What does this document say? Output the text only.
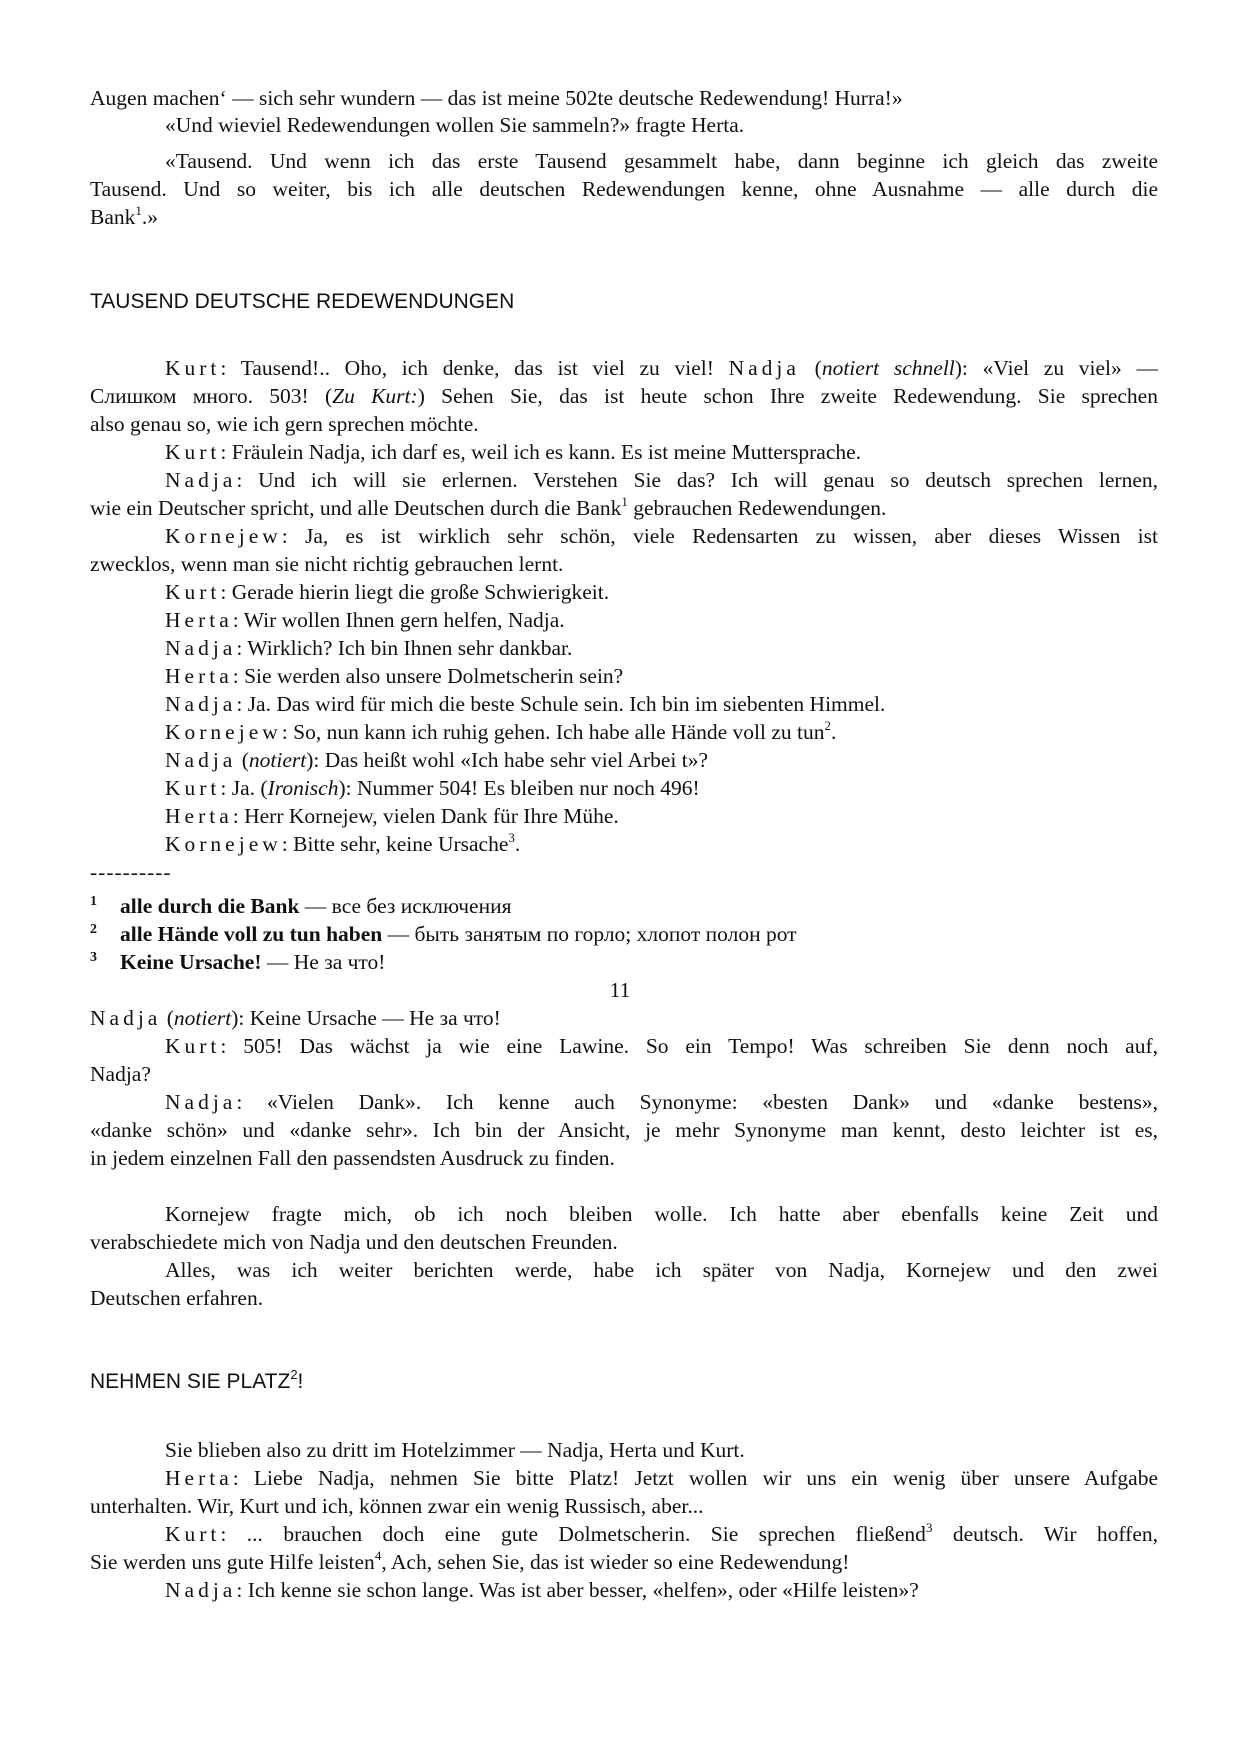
Augen machen‘ — sich sehr wundern — das ist meine 502te deutsche Redewendung! Hurra!»
«Und wieviel Redewendungen wollen Sie sammeln?» fragte Herta.
«Tausend. Und wenn ich das erste Tausend gesammelt habe, dann beginne ich gleich das zweite
Tausend. Und so weiter, bis ich alle deutschen Redewendungen kenne, ohne Ausnahme — alle durch die
Bank$^1$.»
TAUSEND DEUTSCHE REDEWENDUNGEN
Kurt: Tausend!.. Oho, ich denke, das ist viel zu viel! Nadja (notiert schnell): «Viel zu viel» —
Слишком много. 503! (Zu Kurt:) Sehen Sie, das ist heute schon Ihre zweite Redewendung. Sie sprechen
also genau so, wie ich gern sprechen möchte.
Kurt: Fräulein Nadja, ich darf es, weil ich es kann. Es ist meine Muttersprache.
Nadja: Und ich will sie erlernen. Verstehen Sie das? Ich will genau so deutsch sprechen lernen,
wie ein Deutscher spricht, und alle Deutschen durch die Bank$^1$ gebrauchen Redewendungen.
Kornejew: Ja, es ist wirklich sehr schön, viele Redensarten zu wissen, aber dieses Wissen ist
zwecklos, wenn man sie nicht richtig gebrauchen lernt.
Kurt: Gerade hierin liegt die große Schwierigkeit.
Herta: Wir wollen Ihnen gern helfen, Nadja.
Nadja: Wirklich? Ich bin Ihnen sehr dankbar.
Herta: Sie werden also unsere Dolmetscherin sein?
Nadja: Ja. Das wird für mich die beste Schule sein. Ich bin im siebenten Himmel.
Kornejew: So, nun kann ich ruhig gehen. Ich habe alle Hände voll zu tun$^2$.
Nadja (notiert): Das heißt wohl «Ich habe sehr viel Arbei t»?
Kurt: Ja. (Ironisch): Nummer 504! Es bleiben nur noch 496!
Herta: Herr Kornejew, vielen Dank für Ihre Mühe.
Kornejew: Bitte sehr, keine Ursache$^3$.
----------
1 alle durch die Bank — все без исключения
2 alle Hände voll zu tun haben — быть занятым по горло; хлопот полон рот
3 Keine Ursache! — Не за что!
11
Nadja (notiert): Keine Ursache — Не за что!
Kurt: 505! Das wächst ja wie eine Lawine. So ein Tempo! Was schreiben Sie denn noch auf,
Nadja?
Nadja: «Vielen Dank». Ich kenne auch Synonyme: «besten Dank» und «danke bestens»,
«danke schön» und «danke sehr». Ich bin der Ansicht, je mehr Synonyme man kennt, desto leichter ist es,
in jedem einzelnen Fall den passendsten Ausdruck zu finden.
Kornejew fragte mich, ob ich noch bleiben wolle. Ich hatte aber ebenfalls keine Zeit und
verabschiedete mich von Nadja und den deutschen Freunden.
Alles, was ich weiter berichten werde, habe ich später von Nadja, Kornejew und den zwei
Deutschen erfahren.
NEHMEN SIE PLATZ$^2$!
Sie blieben also zu dritt im Hotelzimmer — Nadja, Herta und Kurt.
Herta: Liebe Nadja, nehmen Sie bitte Platz! Jetzt wollen wir uns ein wenig über unsere Aufgabe
unterhalten. Wir, Kurt und ich, können zwar ein wenig Russisch, aber...
Kurt: ... brauchen doch eine gute Dolmetscherin. Sie sprechen fließend$^3$ deutsch. Wir hoffen,
Sie werden uns gute Hilfe leisten$^4$, Ach, sehen Sie, das ist wieder so eine Redewendung!
Nadja: Ich kenne sie schon lange. Was ist aber besser, «helfen», oder «Hilfe leisten»?
